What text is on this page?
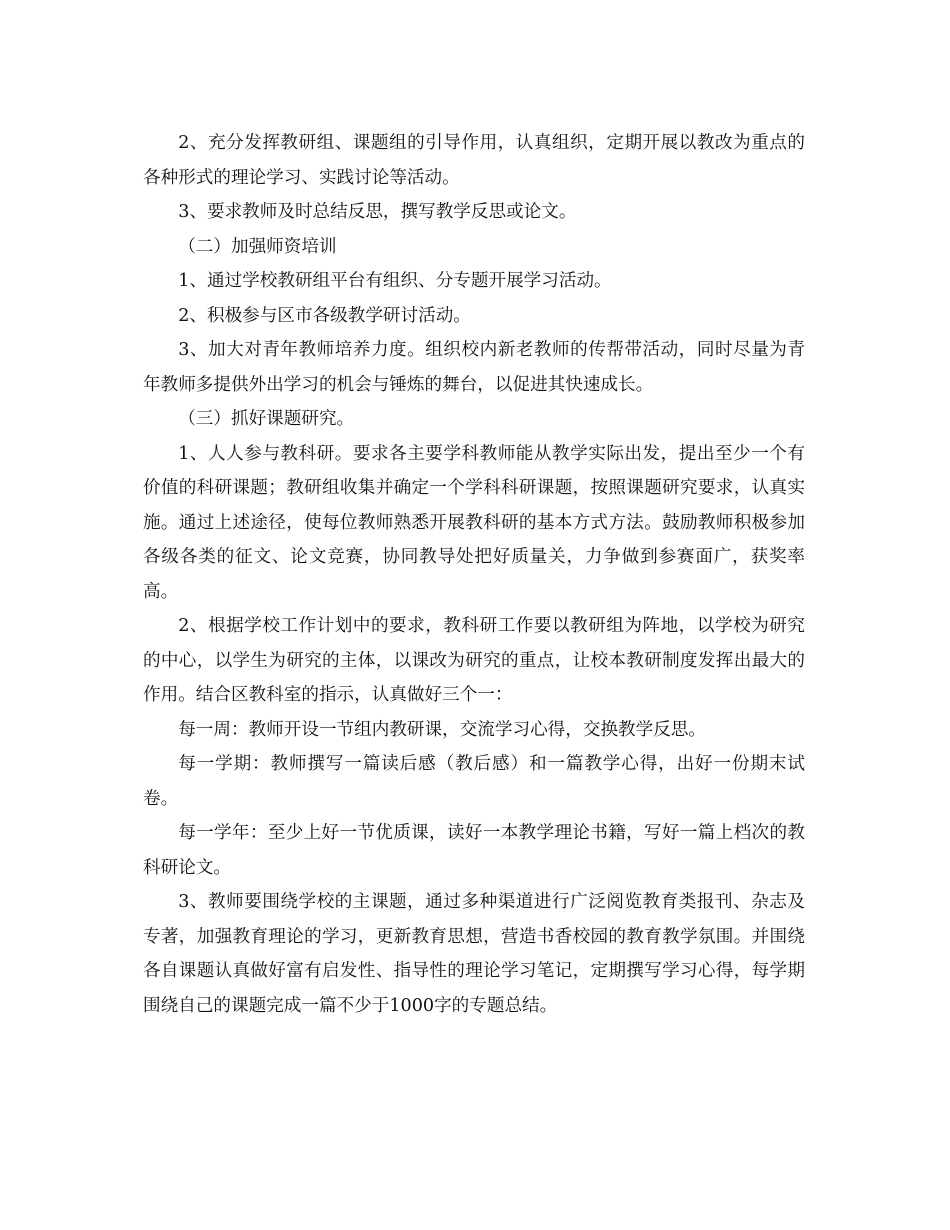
2、充分发挥教研组、课题组的引导作用，认真组织，定期开展以教改为重点的各种形式的理论学习、实践讨论等活动。

3、要求教师及时总结反思，撰写教学反思或论文。

（二）加强师资培训

1、通过学校教研组平台有组织、分专题开展学习活动。

2、积极参与区市各级教学研讨活动。

3、加大对青年教师培养力度。组织校内新老教师的传帮带活动，同时尽量为青年教师多提供外出学习的机会与锤炼的舞台，以促进其快速成长。

（三）抓好课题研究。

1、人人参与教科研。要求各主要学科教师能从教学实际出发，提出至少一个有价值的科研课题；教研组收集并确定一个学科科研课题，按照课题研究要求，认真实施。通过上述途径，使每位教师熟悉开展教科研的基本方式方法。鼓励教师积极参加各级各类的征文、论文竞赛，协同教导处把好质量关，力争做到参赛面广，获奖率高。

2、根据学校工作计划中的要求，教科研工作要以教研组为阵地，以学校为研究的中心，以学生为研究的主体，以课改为研究的重点，让校本教研制度发挥出最大的作用。结合区教科室的指示，认真做好三个一：

每一周：教师开设一节组内教研课，交流学习心得，交换教学反思。

每一学期：教师撰写一篇读后感（教后感）和一篇教学心得，出好一份期末试卷。

每一学年：至少上好一节优质课，读好一本教学理论书籍，写好一篇上档次的教科研论文。

3、教师要围绕学校的主课题，通过多种渠道进行广泛阅览教育类报刊、杂志及专著，加强教育理论的学习，更新教育思想，营造书香校园的教育教学氛围。并围绕各自课题认真做好富有启发性、指导性的理论学习笔记，定期撰写学习心得，每学期围绕自己的课题完成一篇不少于1000字的专题总结。
